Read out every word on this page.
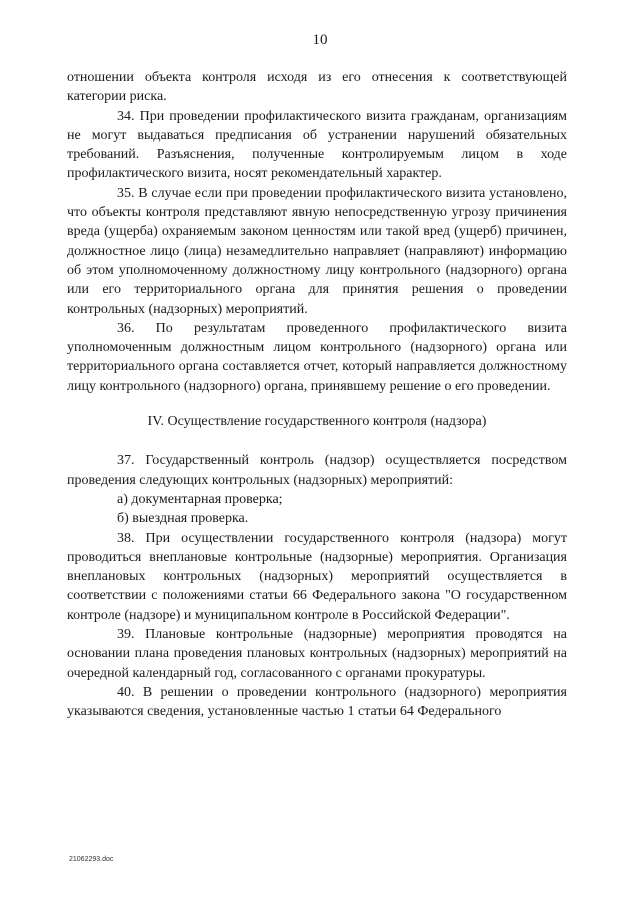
10

отношении объекта контроля исходя из его отнесения к соответствующей категории риска.

34. При проведении профилактического визита гражданам, организациям не могут выдаваться предписания об устранении нарушений обязательных требований. Разъяснения, полученные контролируемым лицом в ходе профилактического визита, носят рекомендательный характер.

35. В случае если при проведении профилактического визита установлено, что объекты контроля представляют явную непосредственную угрозу причинения вреда (ущерба) охраняемым законом ценностям или такой вред (ущерб) причинен, должностное лицо (лица) незамедлительно направляет (направляют) информацию об этом уполномоченному должностному лицу контрольного (надзорного) органа или его территориального органа для принятия решения о проведении контрольных (надзорных) мероприятий.

36. По результатам проведенного профилактического визита уполномоченным должностным лицом контрольного (надзорного) органа или территориального органа составляется отчет, который направляется должностному лицу контрольного (надзорного) органа, принявшему решение о его проведении.

IV. Осуществление государственного контроля (надзора)

37. Государственный контроль (надзор) осуществляется посредством проведения следующих контрольных (надзорных) мероприятий:

а) документарная проверка;

б) выездная проверка.

38. При осуществлении государственного контроля (надзора) могут проводиться внеплановые контрольные (надзорные) мероприятия. Организация внеплановых контрольных (надзорных) мероприятий осуществляется в соответствии с положениями статьи 66 Федерального закона "О государственном контроле (надзоре) и муниципальном контроле в Российской Федерации".

39. Плановые контрольные (надзорные) мероприятия проводятся на основании плана проведения плановых контрольных (надзорных) мероприятий на очередной календарный год, согласованного с органами прокуратуры.

40. В решении о проведении контрольного (надзорного) мероприятия указываются сведения, установленные частью 1 статьи 64 Федерального

21062293.doc
